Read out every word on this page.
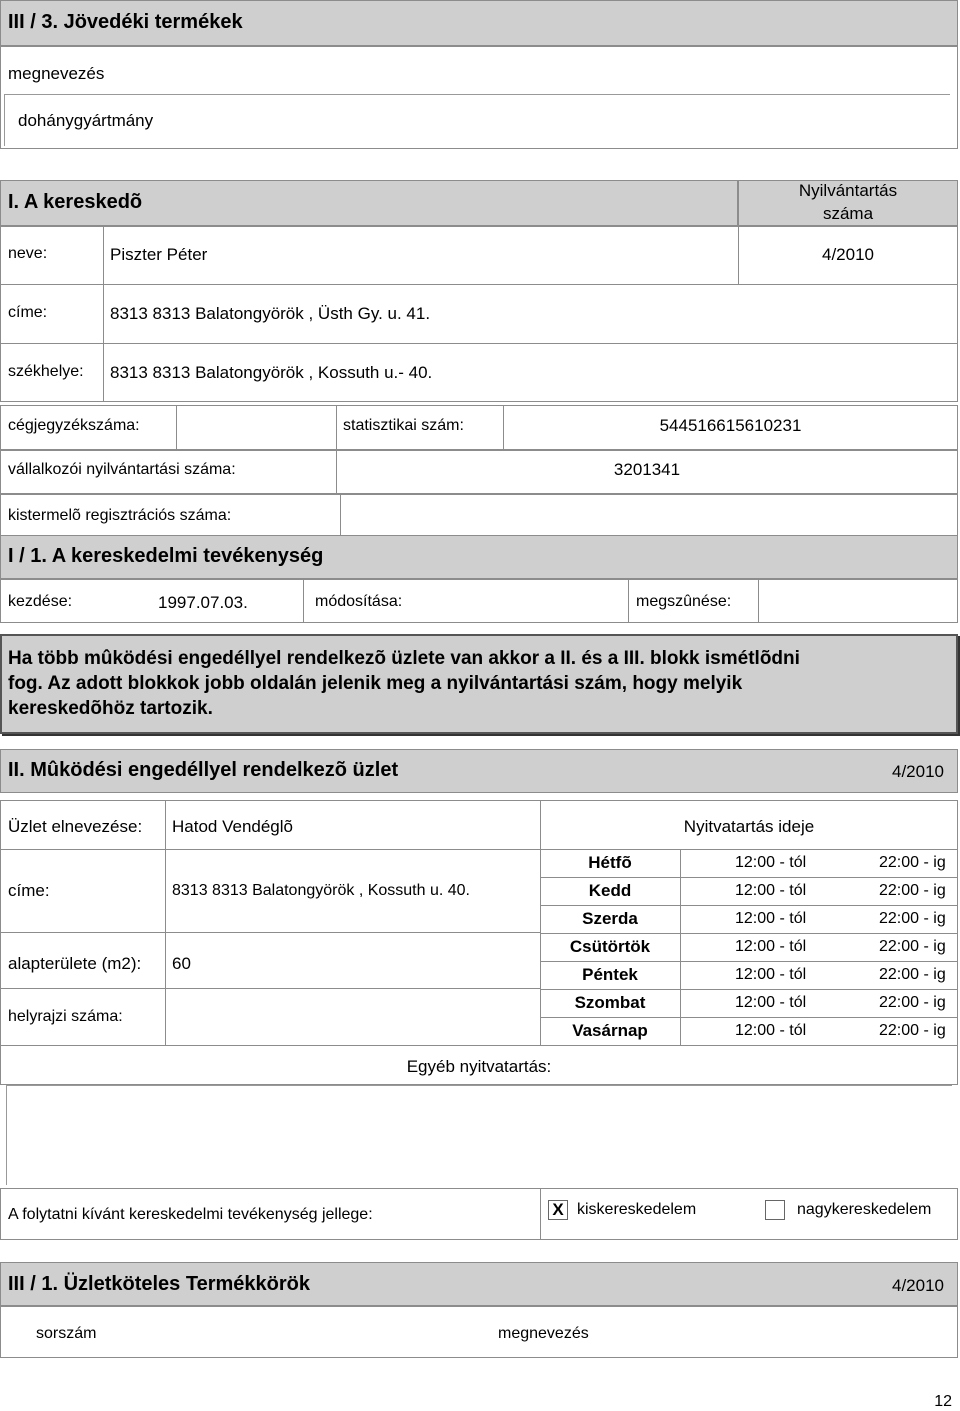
III / 3. Jövedéki termékek
megnevezés
dohánygyártmány
I. A kereskedõ
Nyilvántartás
száma
neve:	Piszter Péter	4/2010
címe:	8313 8313 Balatongyörök , Üsth Gy. u. 41.
székhelye: 8313 8313 Balatongyörök , Kossuth u.- 40.
cégjegyzékszáma:	statisztikai szám:	544516615610231
vállalkozói nyilvántartási száma:	3201341
kistermelõ regisztrációs száma:
I / 1. A kereskedelmi tevékenység
kezdése:	1997.07.03.	módosítása:	megszûnése:
Ha több mûködési engedéllyel rendelkezõ üzlete van akkor a II. és a III. blokk ismétlõdni
fog. Az adott blokkok jobb oldalán jelenik meg a nyilvántartási szám, hogy melyik
kereskedõhöz tartozik.
II. Mûködési engedéllyel rendelkezõ üzlet	4/2010
Üzlet elnevezése: Hatod Vendéglõ	Nyitvatartás ideje
címe:	8313 8313 Balatongyörök , Kossuth u. 40.
alapterülete (m2): 60
helyrajzi száma:
Hétfõ	12:00 - tól	22:00 - ig
Kedd	12:00 - tól	22:00 - ig
Szerda	12:00 - tól	22:00 - ig
Csütörtök	12:00 - tól	22:00 - ig
Péntek	12:00 - tól	22:00 - ig
Szombat	12:00 - tól	22:00 - ig
Vasárnap	12:00 - tól	22:00 - ig
Egyéb nyitvatartás:
A folytatni kívánt kereskedelmi tevékenység jellege:	X kiskereskedelem	nagykereskedelem
III / 1. Üzletköteles Termékkörök	4/2010
sorszám	megnevezés
12
